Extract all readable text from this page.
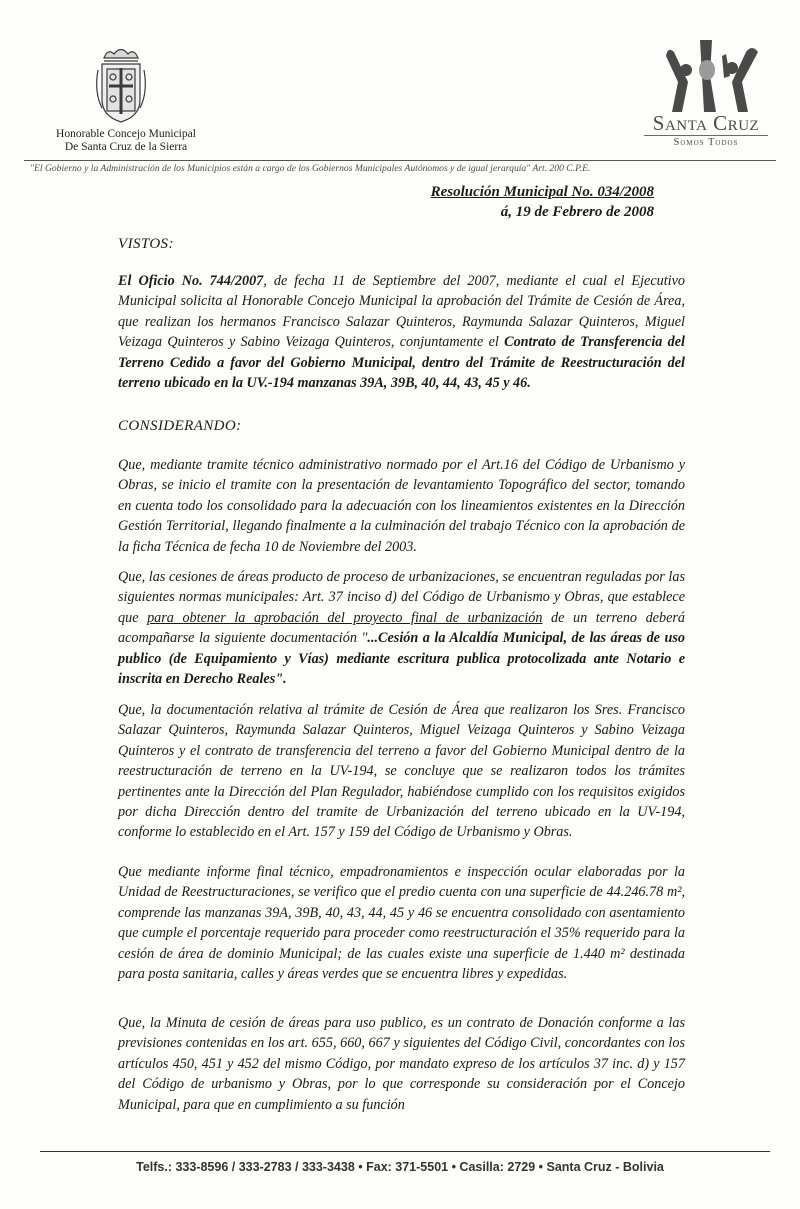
Honorable Concejo Municipal
De Santa Cruz de la Sierra
Santa Cruz
Somos Todos
"El Gobierno y la Administración de los Municipios están a cargo de los Gobiernos Municipales Autónomos y de igual jerarquía" Art. 200 C.P.E.
Resolución Municipal No. 034/2008
á, 19 de Febrero de 2008
VISTOS:

El Oficio No. 744/2007, de fecha 11 de Septiembre del 2007, mediante el cual el Ejecutivo Municipal solicita al Honorable Concejo Municipal la aprobación del Trámite de Cesión de Área, que realizan los hermanos Francisco Salazar Quinteros, Raymunda Salazar Quinteros, Miguel Veizaga Quinteros y Sabino Veizaga Quinteros, conjuntamente el Contrato de Transferencia del Terreno Cedido a favor del Gobierno Municipal, dentro del Trámite de Reestructuración del terreno ubicado en la UV.-194 manzanas 39A, 39B, 40, 44, 43, 45 y 46.

CONSIDERANDO:

Que, mediante tramite técnico administrativo normado por el Art.16 del Código de Urbanismo y Obras, se inicio el tramite con la presentación de levantamiento Topográfico del sector, tomando en cuenta todo los consolidado para la adecuación con los lineamientos existentes en la Dirección Gestión Territorial, llegando finalmente a la culminación del trabajo Técnico con la aprobación de la ficha Técnica de fecha 10 de Noviembre del 2003.

Que, las cesiones de áreas producto de proceso de urbanizaciones, se encuentran reguladas por las siguientes normas municipales: Art. 37 inciso d) del Código de Urbanismo y Obras, que establece que para obtener la aprobación del proyecto final de urbanización de un terreno deberá acompañarse la siguiente documentación "...Cesión a la Alcaldía Municipal, de las áreas de uso publico (de Equipamiento y Vías) mediante escritura publica protocolizada ante Notario e inscrita en Derecho Reales".

Que, la documentación relativa al trámite de Cesión de Área que realizaron los Sres. Francisco Salazar Quinteros, Raymunda Salazar Quinteros, Miguel Veizaga Quinteros y Sabino Veizaga Quinteros y el contrato de transferencia del terreno a favor del Gobierno Municipal dentro de la reestructuración de terreno en la UV-194, se concluye que se realizaron todos los trámites pertinentes ante la Dirección del Plan Regulador, habiéndose cumplido con los requisitos exigidos por dicha Dirección dentro del tramite de Urbanización del terreno ubicado en la UV-194, conforme lo establecido en el Art. 157 y 159 del Código de Urbanismo y Obras.

Que mediante informe final técnico, empadronamientos e inspección ocular elaboradas por la Unidad de Reestructuraciones, se verifico que el predio cuenta con una superficie de 44.246.78 m², comprende las manzanas 39A, 39B, 40, 43, 44, 45 y 46 se encuentra consolidado con asentamiento que cumple el porcentaje requerido para proceder como reestructuración el 35% requerido para la cesión de área de dominio Municipal; de las cuales existe una superficie de 1.440 m² destinada para posta sanitaria, calles y áreas verdes que se encuentra libres y expedidas.

Que, la Minuta de cesión de áreas para uso publico, es un contrato de Donación conforme a las previsiones contenidas en los art. 655, 660, 667 y siguientes del Código Civil, concordantes con los artículos 450, 451 y 452 del mismo Código, por mandato expreso de los artículos 37 inc. d) y 157 del Código de urbanismo y Obras, por lo que corresponde su consideración por el Concejo Municipal, para que en cumplimiento a su función

Telfs.: 333-8596 / 333-2783 / 333-3438 • Fax: 371-5501 • Casilla: 2729 • Santa Cruz - Bolivia
